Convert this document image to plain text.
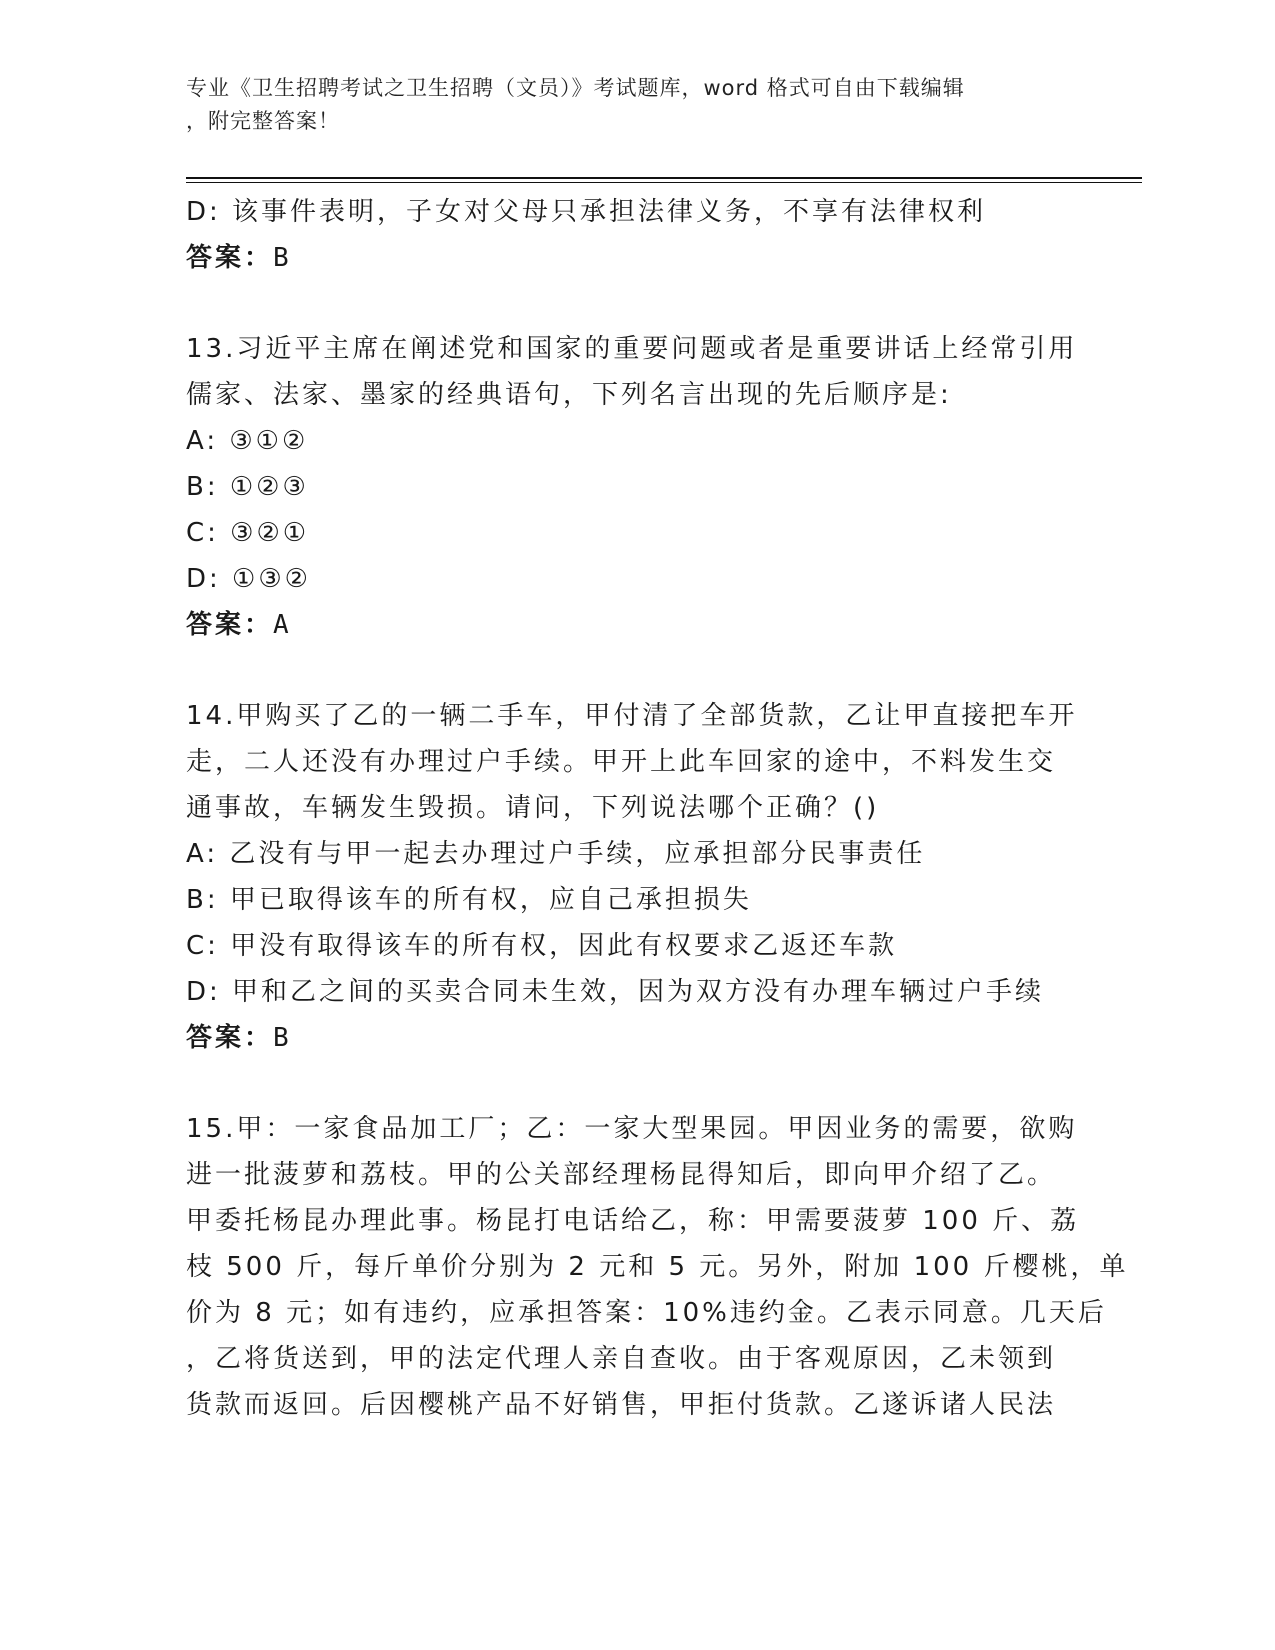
专业《卫生招聘考试之卫生招聘（文员）》考试题库，word 格式可自由下载编辑
，附完整答案！
D: 该事件表明，子女对父母只承担法律义务，不享有法律权利
答案：B
13.习近平主席在阐述党和国家的重要问题或者是重要讲话上经常引用
儒家、法家、墨家的经典语句，下列名言出现的先后顺序是:
A: ③①②
B: ①②③
C: ③②①
D: ①③②
答案：A
14.甲购买了乙的一辆二手车，甲付清了全部货款，乙让甲直接把车开
走，二人还没有办理过户手续。甲开上此车回家的途中，不料发生交
通事故，车辆发生毁损。请问，下列说法哪个正确？()
A: 乙没有与甲一起去办理过户手续，应承担部分民事责任
B: 甲已取得该车的所有权，应自己承担损失
C: 甲没有取得该车的所有权，因此有权要求乙返还车款
D: 甲和乙之间的买卖合同未生效，因为双方没有办理车辆过户手续
答案：B
15.甲：一家食品加工厂；乙：一家大型果园。甲因业务的需要，欲购
进一批菠萝和荔枝。甲的公关部经理杨昆得知后，即向甲介绍了乙。
甲委托杨昆办理此事。杨昆打电话给乙，称：甲需要菠萝 100 斤、荔
枝 500 斤，每斤单价分别为 2 元和 5 元。另外，附加 100 斤樱桃，单
价为 8 元；如有违约，应承担答案：10%违约金。乙表示同意。几天后
，乙将货送到，甲的法定代理人亲自查收。由于客观原因，乙未领到
货款而返回。后因樱桃产品不好销售，甲拒付货款。乙遂诉诸人民法
